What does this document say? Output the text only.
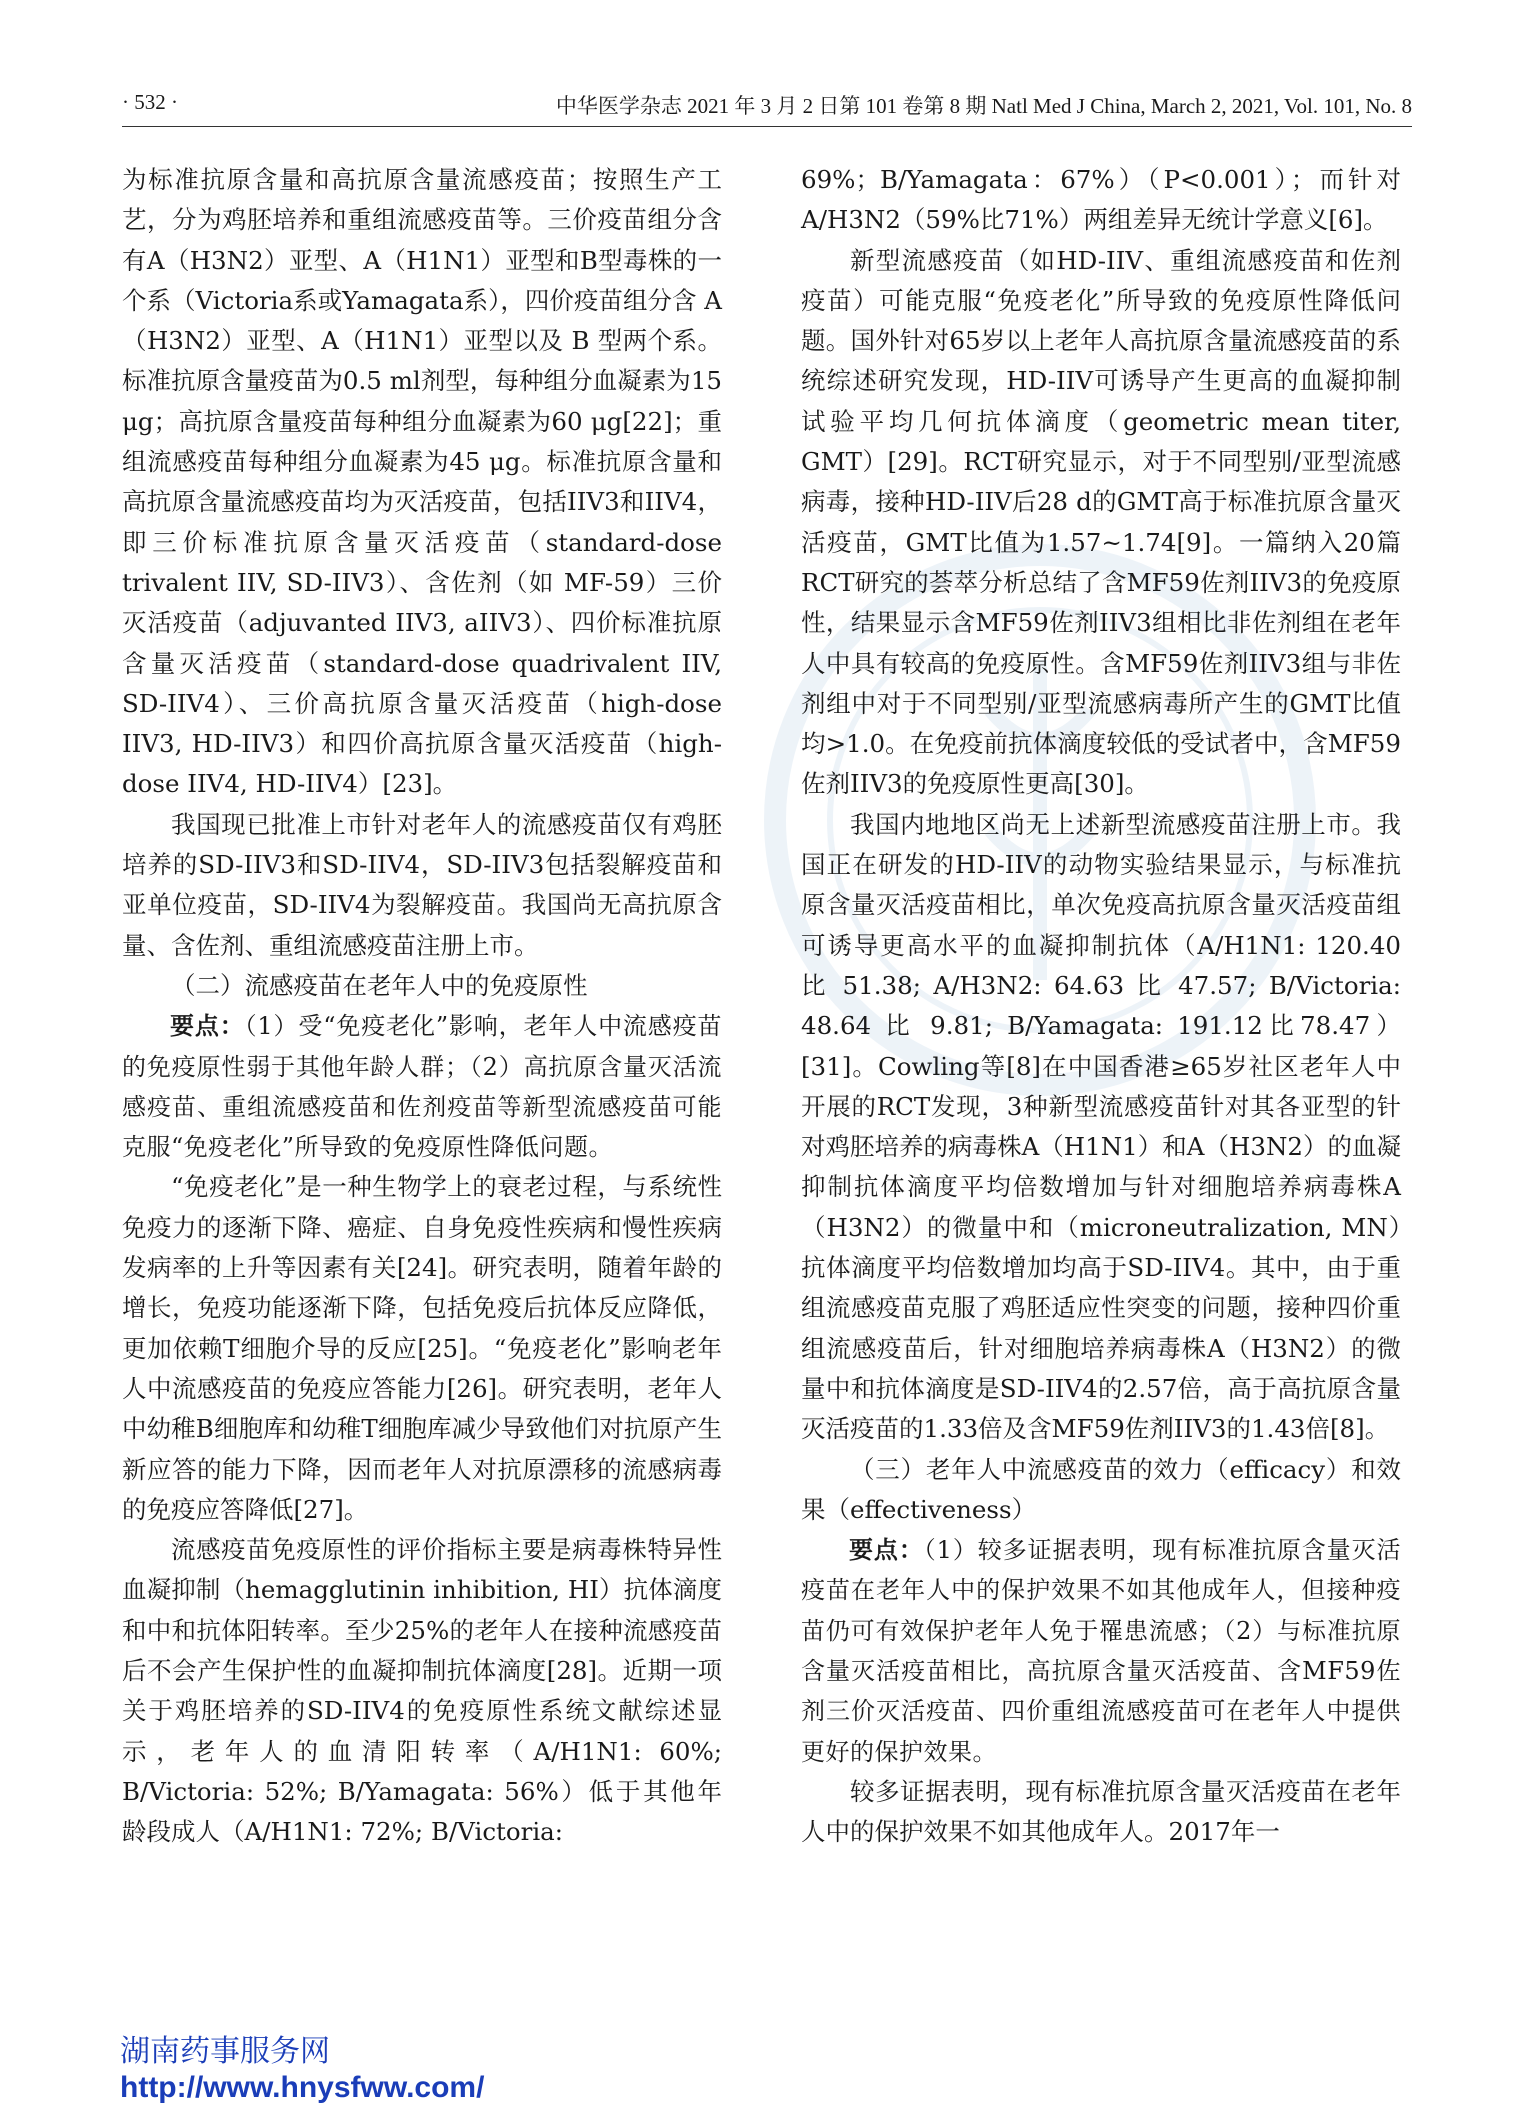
· 532 ·	中华医学杂志 2021 年 3 月 2 日第 101 卷第 8 期 Natl Med J China, March 2, 2021, Vol. 101, No. 8

为标准抗原含量和高抗原含量流感疫苗；按照生产工艺，分为鸡胚培养和重组流感疫苗等。三价疫苗组分含有A（H3N2）亚型、A（H1N1）亚型和B型毒株的一个系（Victoria系或Yamagata系），四价疫苗组分含 A（H3N2）亚型、A（H1N1）亚型以及 B 型两个系。标准抗原含量疫苗为0.5 ml剂型，每种组分血凝素为15 μg；高抗原含量疫苗每种组分血凝素为60 μg[22]；重组流感疫苗每种组分血凝素为45 μg。标准抗原含量和高抗原含量流感疫苗均为灭活疫苗，包括IIV3和IIV4，即三价标准抗原含量灭活疫苗（standard-dose trivalent IIV, SD-IIV3）、含佐剂（如 MF-59）三价灭活疫苗（adjuvanted IIV3, aIIV3）、四价标准抗原含量灭活疫苗（standard-dose quadrivalent IIV, SD-IIV4）、三价高抗原含量灭活疫苗（high-dose IIV3, HD-IIV3）和四价高抗原含量灭活疫苗（high-dose IIV4, HD-IIV4）[23]。

我国现已批准上市针对老年人的流感疫苗仅有鸡胚培养的SD-IIV3和SD-IIV4，SD-IIV3包括裂解疫苗和亚单位疫苗，SD-IIV4为裂解疫苗。我国尚无高抗原含量、含佐剂、重组流感疫苗注册上市。

（二）流感疫苗在老年人中的免疫原性

要点：（1）受“免疫老化”影响，老年人中流感疫苗的免疫原性弱于其他年龄人群；（2）高抗原含量灭活流感疫苗、重组流感疫苗和佐剂疫苗等新型流感疫苗可能克服“免疫老化”所导致的免疫原性降低问题。

“免疫老化”是一种生物学上的衰老过程，与系统性免疫力的逐渐下降、癌症、自身免疫性疾病和慢性疾病发病率的上升等因素有关[24]。研究表明，随着年龄的增长，免疫功能逐渐下降，包括免疫后抗体反应降低，更加依赖T细胞介导的反应[25]。“免疫老化”影响老年人中流感疫苗的免疫应答能力[26]。研究表明，老年人中幼稚B细胞库和幼稚T细胞库减少导致他们对抗原产生新应答的能力下降，因而老年人对抗原漂移的流感病毒的免疫应答降低[27]。

流感疫苗免疫原性的评价指标主要是病毒株特异性血凝抑制（hemagglutinin inhibition, HI）抗体滴度和中和抗体阳转率。至少25%的老年人在接种流感疫苗后不会产生保护性的血凝抑制抗体滴度[28]。近期一项关于鸡胚培养的SD-IIV4的免疫原性系统文献综述显示，老年人的血清阳转率（A/H1N1: 60%; B/Victoria: 52%; B/Yamagata: 56%）低于其他年龄段成人（A/H1N1: 72%; B/Victoria:

69%；B/Yamagata：67%）（P<0.001）；而针对A/H3N2（59%比71%）两组差异无统计学意义[6]。

新型流感疫苗（如HD-IIV、重组流感疫苗和佐剂疫苗）可能克服“免疫老化”所导致的免疫原性降低问题。国外针对65岁以上老年人高抗原含量流感疫苗的系统综述研究发现，HD-IIV可诱导产生更高的血凝抑制试验平均几何抗体滴度（geometric mean titer, GMT）[29]。RCT研究显示，对于不同型别/亚型流感病毒，接种HD-IIV后28 d的GMT高于标准抗原含量灭活疫苗，GMT比值为1.57~1.74[9]。一篇纳入20篇RCT研究的荟萃分析总结了含MF59佐剂IIV3的免疫原性，结果显示含MF59佐剂IIV3组相比非佐剂组在老年人中具有较高的免疫原性。含MF59佐剂IIV3组与非佐剂组中对于不同型别/亚型流感病毒所产生的GMT比值均>1.0。在免疫前抗体滴度较低的受试者中，含MF59佐剂IIV3的免疫原性更高[30]。

我国内地地区尚无上述新型流感疫苗注册上市。我国正在研发的HD-IIV的动物实验结果显示，与标准抗原含量灭活疫苗相比，单次免疫高抗原含量灭活疫苗组可诱导更高水平的血凝抑制抗体（A/H1N1: 120.40 比 51.38; A/H3N2: 64.63 比 47.57; B/Victoria: 48.64 比 9.81; B/Yamagata: 191.12比78.47）[31]。Cowling等[8]在中国香港≥65岁社区老年人中开展的RCT发现，3种新型流感疫苗针对其各亚型的针对鸡胚培养的病毒株A（H1N1）和A（H3N2）的血凝抑制抗体滴度平均倍数增加与针对细胞培养病毒株A（H3N2）的微量中和（microneutralization, MN）抗体滴度平均倍数增加均高于SD-IIV4。其中，由于重组流感疫苗克服了鸡胚适应性突变的问题，接种四价重组流感疫苗后，针对细胞培养病毒株A（H3N2）的微量中和抗体滴度是SD-IIV4的2.57倍，高于高抗原含量灭活疫苗的1.33倍及含MF59佐剂IIV3的1.43倍[8]。

（三）老年人中流感疫苗的效力（efficacy）和效果（effectiveness）

要点：（1）较多证据表明，现有标准抗原含量灭活疫苗在老年人中的保护效果不如其他成年人，但接种疫苗仍可有效保护老年人免于罹患流感；（2）与标准抗原含量灭活疫苗相比，高抗原含量灭活疫苗、含MF59佐剂三价灭活疫苗、四价重组流感疫苗可在老年人中提供更好的保护效果。

较多证据表明，现有标准抗原含量灭活疫苗在老年人中的保护效果不如其他成年人。2017年一

湖南药事服务网
http://www.hnysfww.com/
